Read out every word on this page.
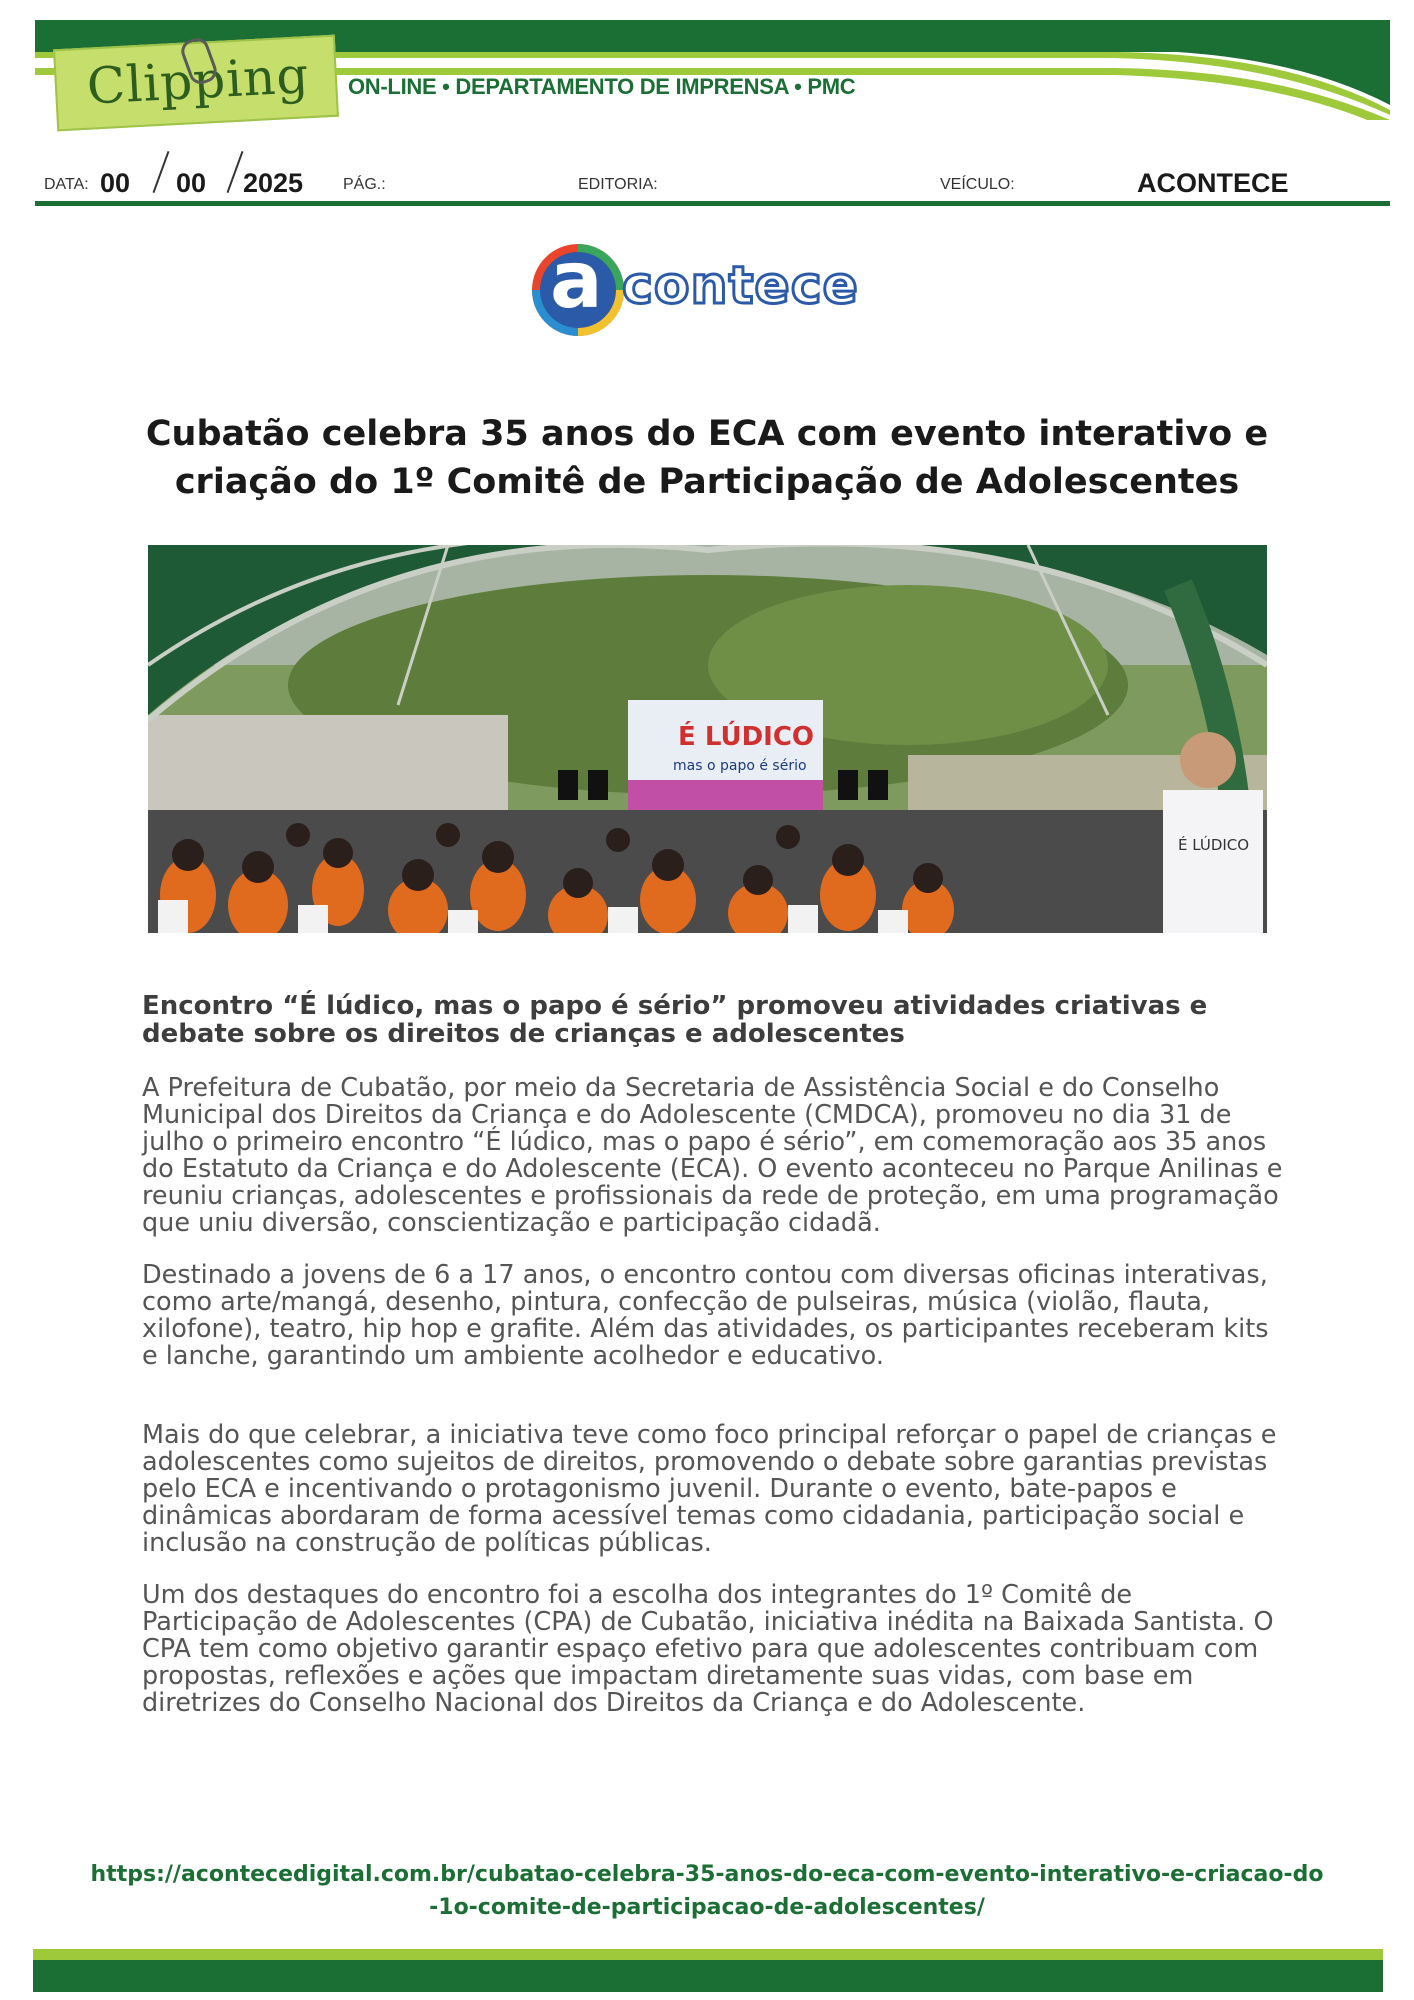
Clipping ON-LINE • DEPARTAMENTO DE IMPRENSA • PMC
DATA: 00 00 2025 PÁG.:	EDITORIA:	VEÍCULO:	ACONTECE
a contece
Cubatão celebra 35 anos do ECA com evento interativo e criação do 1º Comitê de Participação de Adolescentes
É LÚDICO
mas o papo é sério
É LÚDICO
Encontro “É lúdico, mas o papo é sério” promoveu atividades criativas e debate sobre os direitos de crianças e adolescentes
A Prefeitura de Cubatão, por meio da Secretaria de Assistência Social e do Conselho Municipal dos Direitos da Criança e do Adolescente (CMDCA), promoveu no dia 31 de julho o primeiro encontro “É lúdico, mas o papo é sério”, em comemoração aos 35 anos do Estatuto da Criança e do Adolescente (ECA). O evento aconteceu no Parque Anilinas e reuniu crianças, adolescentes e profissionais da rede de proteção, em uma programação que uniu diversão, conscientização e participação cidadã.
Destinado a jovens de 6 a 17 anos, o encontro contou com diversas oficinas interativas, como arte/mangá, desenho, pintura, confecção de pulseiras, música (violão, flauta, xilofone), teatro, hip hop e grafite. Além das atividades, os participantes receberam kits e lanche, garantindo um ambiente acolhedor e educativo.
Mais do que celebrar, a iniciativa teve como foco principal reforçar o papel de crianças e adolescentes como sujeitos de direitos, promovendo o debate sobre garantias previstas pelo ECA e incentivando o protagonismo juvenil. Durante o evento, bate-papos e dinâmicas abordaram de forma acessível temas como cidadania, participação social e inclusão na construção de políticas públicas.
Um dos destaques do encontro foi a escolha dos integrantes do 1º Comitê de Participação de Adolescentes (CPA) de Cubatão, iniciativa inédita na Baixada Santista. O CPA tem como objetivo garantir espaço efetivo para que adolescentes contribuam com propostas, reflexões e ações que impactam diretamente suas vidas, com base em diretrizes do Conselho Nacional dos Direitos da Criança e do Adolescente.
https://acontecedigital.com.br/cubatao-celebra-35-anos-do-eca-com-evento-interativo-e-criacao-do-1o-comite-de-participacao-de-adolescentes/
